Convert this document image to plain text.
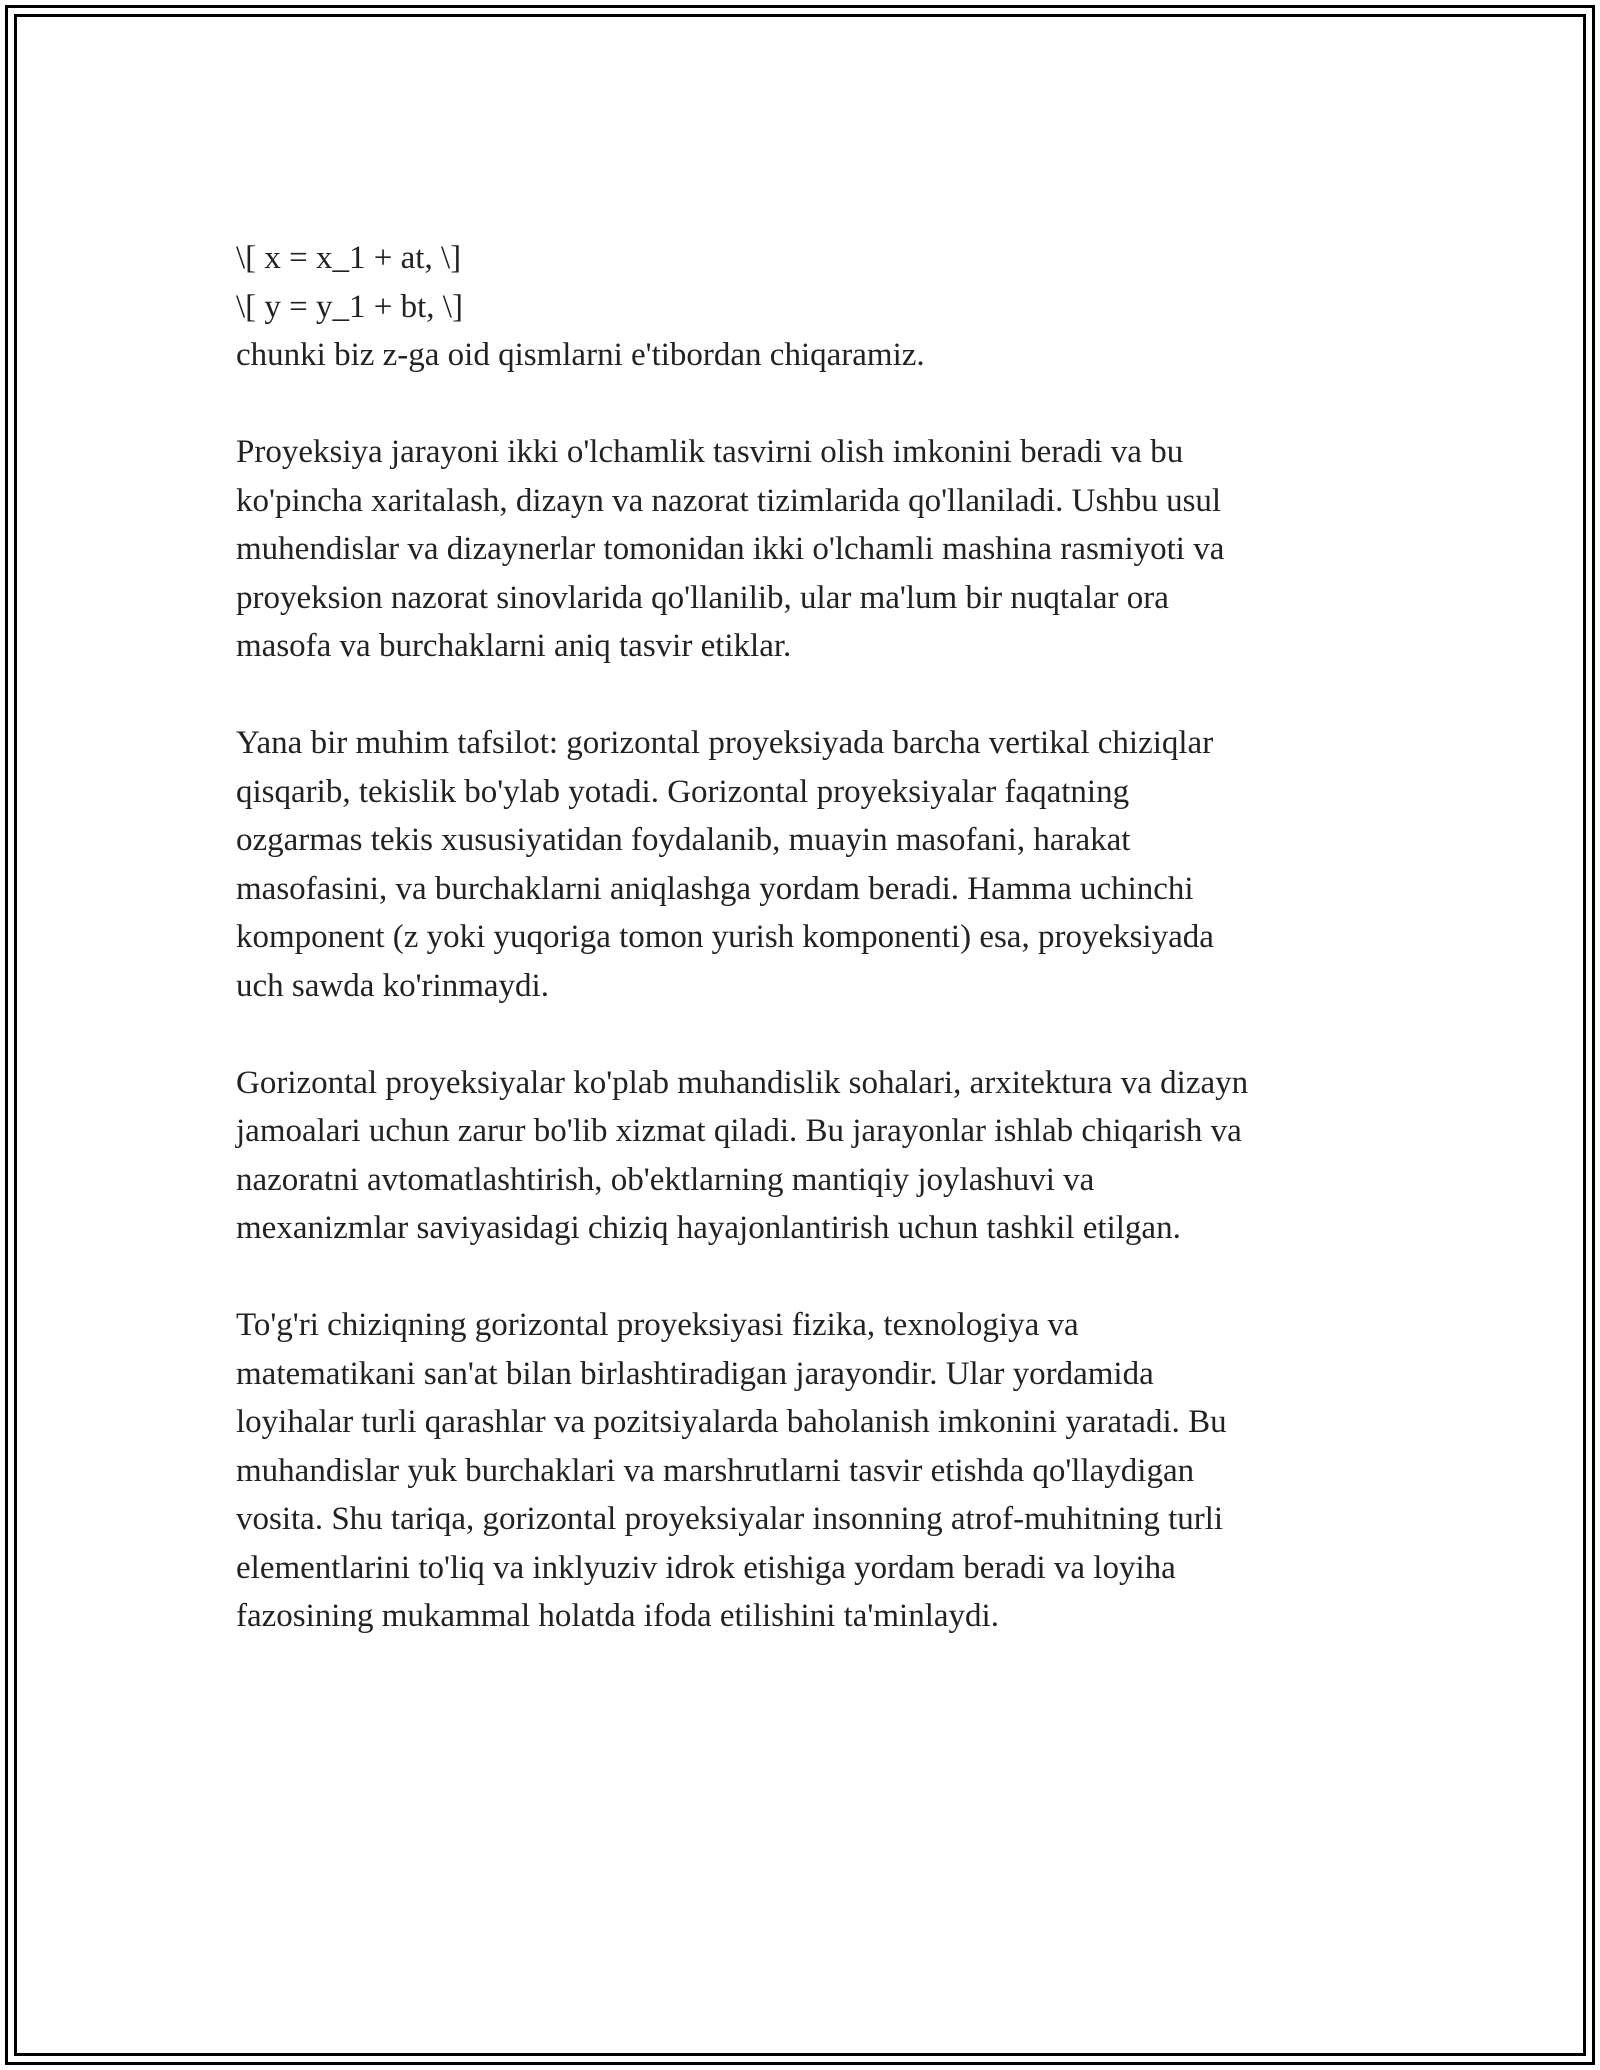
\[ x = x_1 + at, \]
\[ y = y_1 + bt, \]
chunki biz z-ga oid qismlarni e'tibordan chiqaramiz.
Proyeksiya jarayoni ikki o'lchamlik tasvirni olish imkonini beradi va bu
ko'pincha xaritalash, dizayn va nazorat tizimlarida qo'llaniladi. Ushbu usul
muhendislar va dizaynerlar tomonidan ikki o'lchamli mashina rasmiyoti va
proyeksion nazorat sinovlarida qo'llanilib, ular ma'lum bir nuqtalar ora
masofa va burchaklarni aniq tasvir etiklar.
Yana bir muhim tafsilot: gorizontal proyeksiyada barcha vertikal chiziqlar
qisqarib, tekislik bo'ylab yotadi. Gorizontal proyeksiyalar faqatning
ozgarmas tekis xususiyatidan foydalanib, muayin masofani, harakat
masofasini, va burchaklarni aniqlashga yordam beradi. Hamma uchinchi
komponent (z yoki yuqoriga tomon yurish komponenti) esa, proyeksiyada
uch sawda ko'rinmaydi.
Gorizontal proyeksiyalar ko'plab muhandislik sohalari, arxitektura va dizayn
jamoalari uchun zarur bo'lib xizmat qiladi. Bu jarayonlar ishlab chiqarish va
nazoratni avtomatlashtirish, ob'ektlarning mantiqiy joylashuvi va
mexanizmlar saviyasidagi chiziq hayajonlantirish uchun tashkil etilgan.
To'g'ri chiziqning gorizontal proyeksiyasi fizika, texnologiya va
matematikani san'at bilan birlashtiradigan jarayondir. Ular yordamida
loyihalar turli qarashlar va pozitsiyalarda baholanish imkonini yaratadi. Bu
muhandislar yuk burchaklari va marshrutlarni tasvir etishda qo'llaydigan
vosita. Shu tariqa, gorizontal proyeksiyalar insonning atrof-muhitning turli
elementlarini to'liq va inklyuziv idrok etishiga yordam beradi va loyiha
fazosining mukammal holatda ifoda etilishini ta'minlaydi.
